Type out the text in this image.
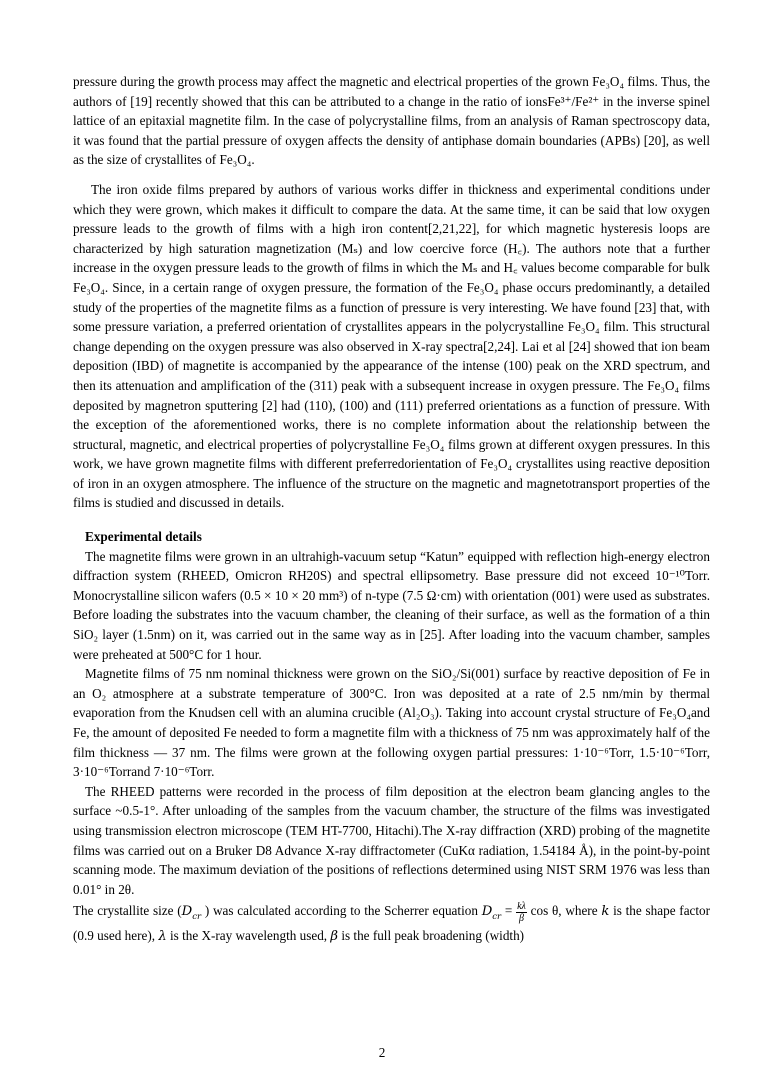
pressure during the growth process may affect the magnetic and electrical properties of the grown Fe₃O₄ films. Thus, the authors of [19] recently showed that this can be attributed to a change in the ratio of ionsFe³⁺/Fe²⁺ in the inverse spinel lattice of an epitaxial magnetite film. In the case of polycrystalline films, from an analysis of Raman spectroscopy data, it was found that the partial pressure of oxygen affects the density of antiphase domain boundaries (APBs) [20], as well as the size of crystallites of Fe₃O₄.

The iron oxide films prepared by authors of various works differ in thickness and experimental conditions under which they were grown, which makes it difficult to compare the data. At the same time, it can be said that low oxygen pressure leads to the growth of films with a high iron content[2,21,22], for which magnetic hysteresis loops are characterized by high saturation magnetization (Mₛ) and low coercive force (H꜀). The authors note that a further increase in the oxygen pressure leads to the growth of films in which the Mₛ and H꜀ values become comparable for bulk Fe₃O₄. Since, in a certain range of oxygen pressure, the formation of the Fe₃O₄ phase occurs predominantly, a detailed study of the properties of the magnetite films as a function of pressure is very interesting. We have found [23] that, with some pressure variation, a preferred orientation of crystallites appears in the polycrystalline Fe₃O₄ film. This structural change depending on the oxygen pressure was also observed in X-ray spectra[2,24]. Lai et al [24] showed that ion beam deposition (IBD) of magnetite is accompanied by the appearance of the intense (100) peak on the XRD spectrum, and then its attenuation and amplification of the (311) peak with a subsequent increase in oxygen pressure. The Fe₃O₄ films deposited by magnetron sputtering [2] had (110), (100) and (111) preferred orientations as a function of pressure. With the exception of the aforementioned works, there is no complete information about the relationship between the structural, magnetic, and electrical properties of polycrystalline Fe₃O₄ films grown at different oxygen pressures. In this work, we have grown magnetite films with different preferredorientation of Fe₃O₄ crystallites using reactive deposition of iron in an oxygen atmosphere. The influence of the structure on the magnetic and magnetotransport properties of the films is studied and discussed in details.

Experimental details

The magnetite films were grown in an ultrahigh-vacuum setup “Katun” equipped with reflection high-energy electron diffraction system (RHEED, Omicron RH20S) and spectral ellipsometry. Base pressure did not exceed 10⁻¹⁰Torr. Monocrystalline silicon wafers (0.5 × 10 × 20 mm³) of n-type (7.5 Ω·cm) with orientation (001) were used as substrates. Before loading the substrates into the vacuum chamber, the cleaning of their surface, as well as the formation of a thin SiO₂ layer (1.5nm) on it, was carried out in the same way as in [25]. After loading into the vacuum chamber, samples were preheated at 500°C for 1 hour.

Magnetite films of 75 nm nominal thickness were grown on the SiO₂/Si(001) surface by reactive deposition of Fe in an O₂ atmosphere at a substrate temperature of 300°C. Iron was deposited at a rate of 2.5 nm/min by thermal evaporation from the Knudsen cell with an alumina crucible (Al₂O₃). Taking into account crystal structure of Fe₃O₄and Fe, the amount of deposited Fe needed to form a magnetite film with a thickness of 75 nm was approximately half of the film thickness — 37 nm. The films were grown at the following oxygen partial pressures: 1·10⁻⁶Torr, 1.5·10⁻⁶Torr, 3·10⁻⁶Torrand 7·10⁻⁶Torr.

The RHEED patterns were recorded in the process of film deposition at the electron beam glancing angles to the surface ~0.5-1°. After unloading of the samples from the vacuum chamber, the structure of the films was investigated using transmission electron microscope (TEM HT-7700, Hitachi).The X-ray diffraction (XRD) probing of the magnetite films was carried out on a Bruker D8 Advance X-ray diffractometer (CuKα radiation, 1.54184 Å), in the point-by-point scanning mode. The maximum deviation of the positions of reflections determined using NIST SRM 1976 was less than 0.01° in 2θ.

The crystallite size ($D_{cr}$ ) was calculated according to the Scherrer equation $D_{cr} = \frac{k\lambda}{\beta}$ cos θ, where k is the shape factor (0.9 used here), λ is the X-ray wavelength used, β is the full peak broadening (width)

2
